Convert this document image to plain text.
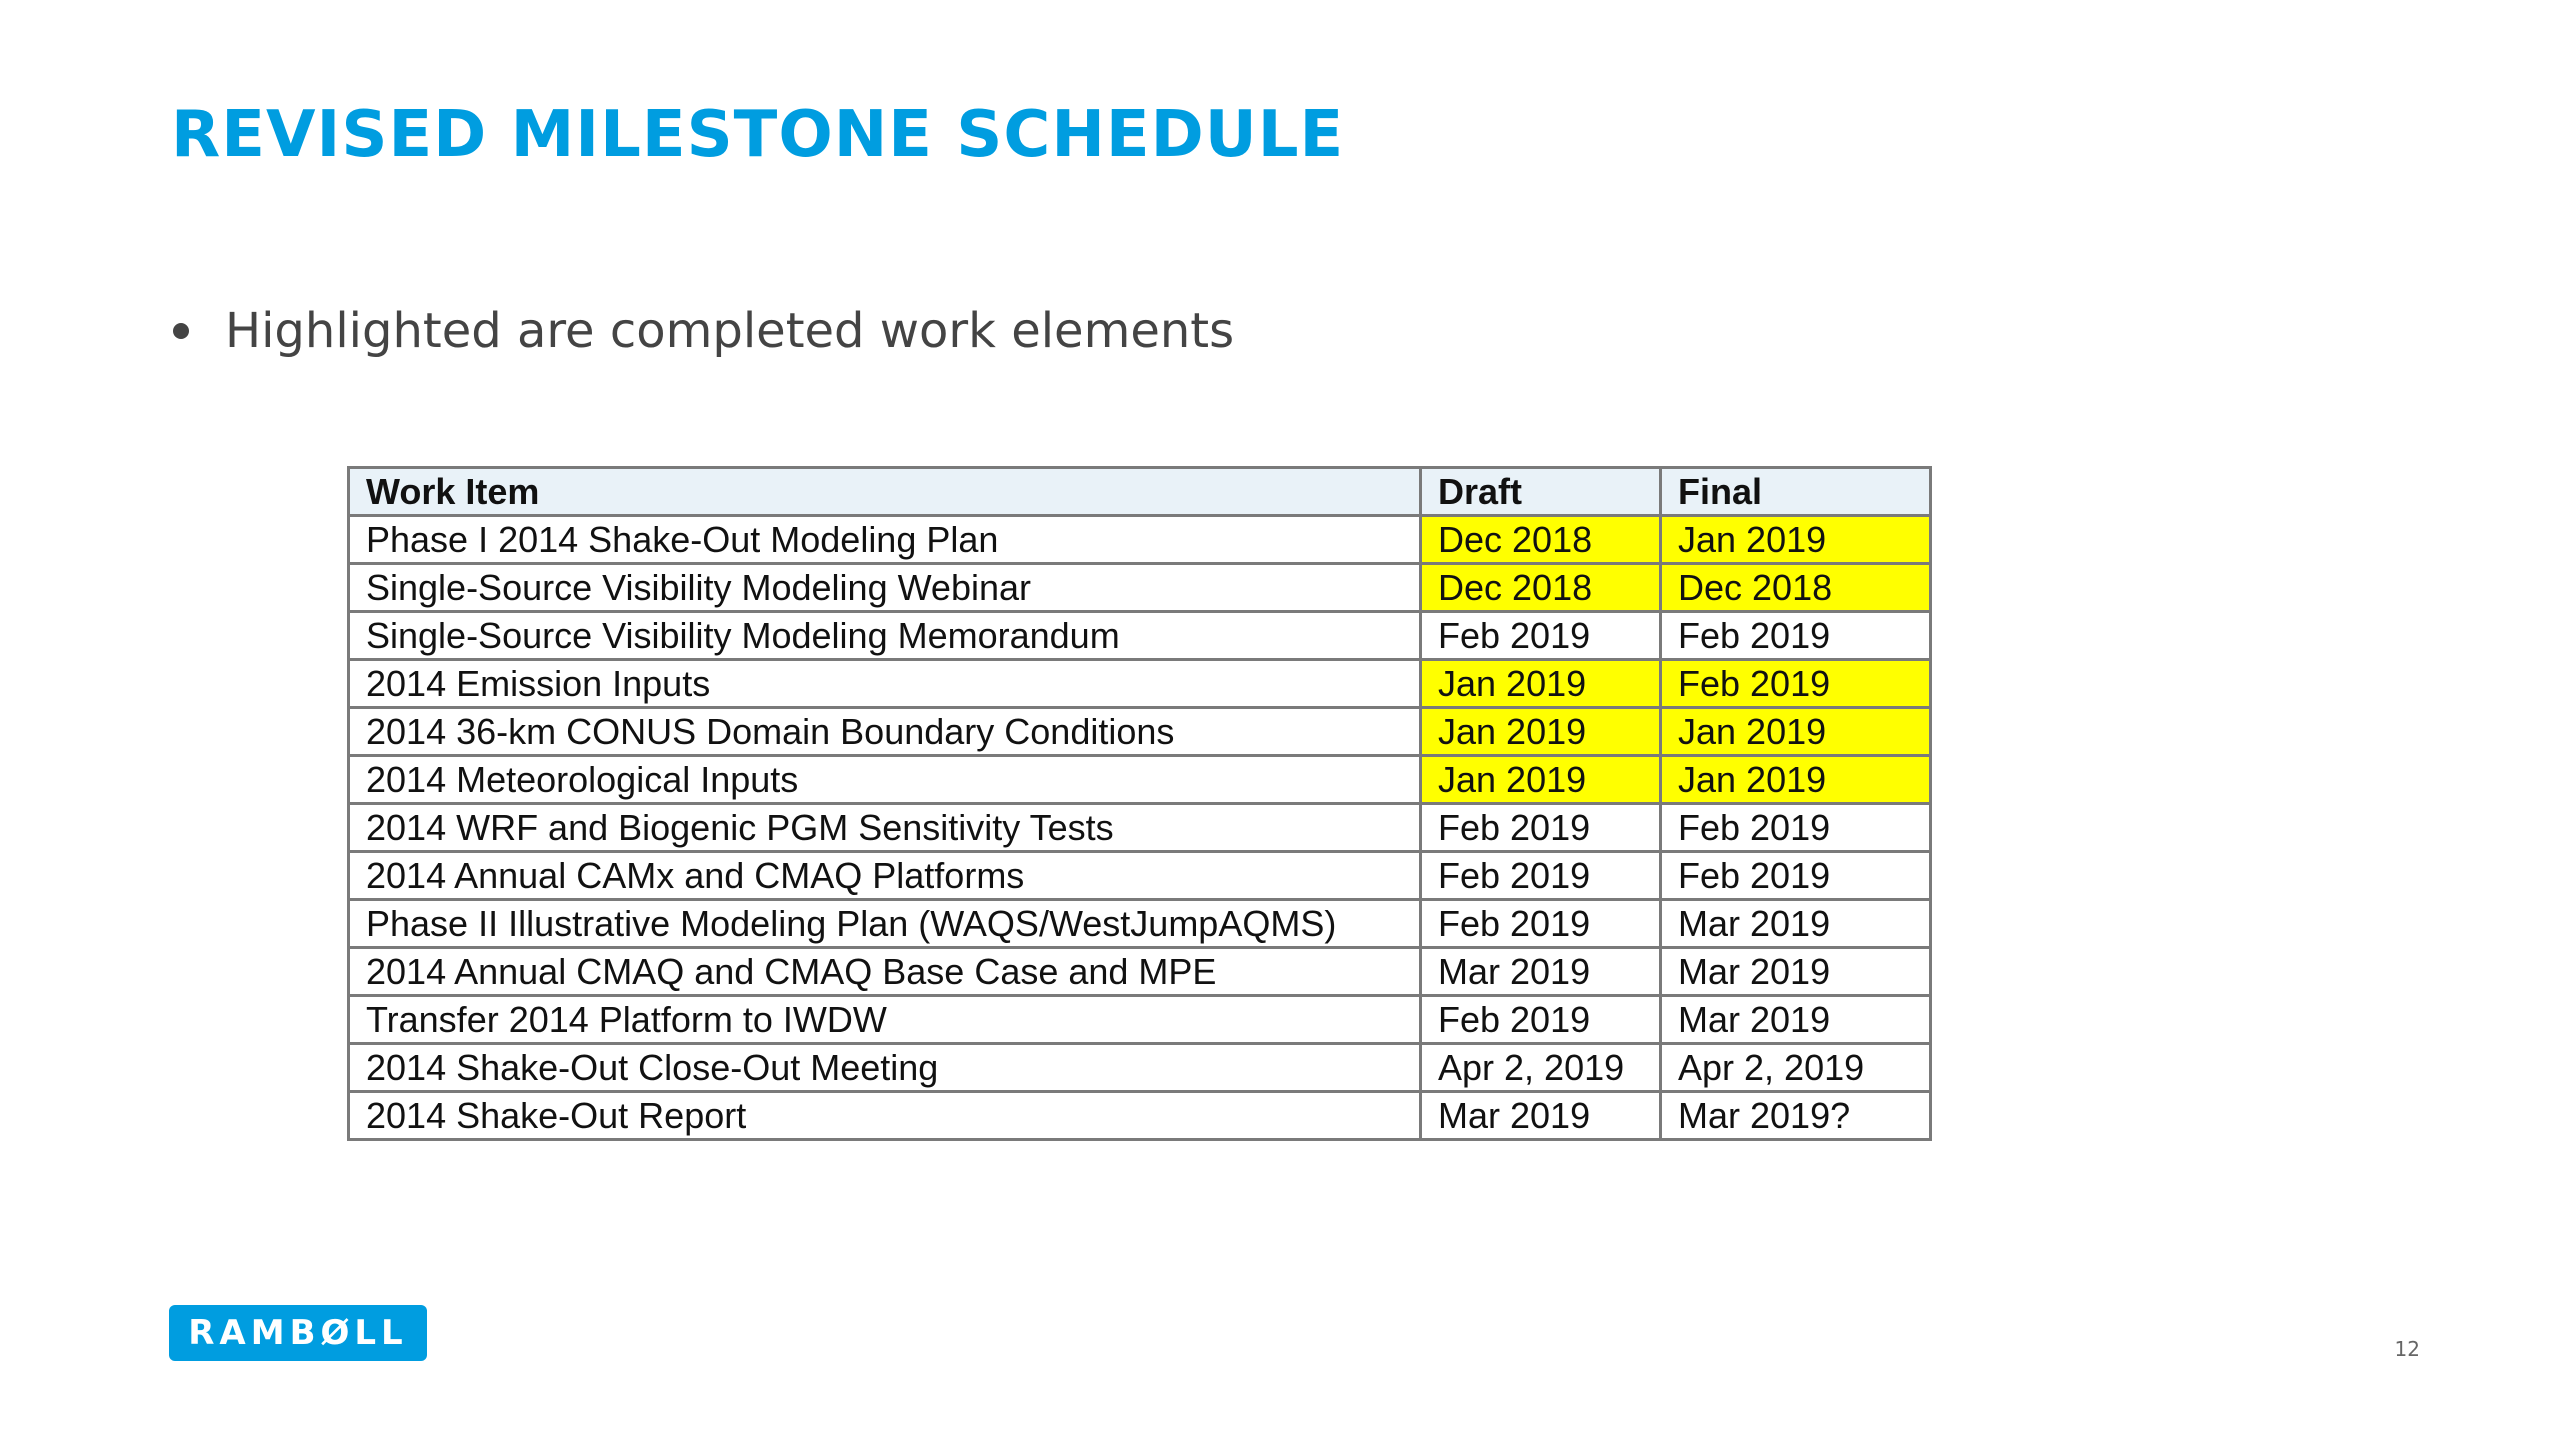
REVISED MILESTONE SCHEDULE
Highlighted are completed work elements
Work Item	Draft	Final
Phase I 2014 Shake-Out Modeling Plan	Dec 2018	Jan 2019
Single-Source Visibility Modeling Webinar	Dec 2018	Dec 2018
Single-Source Visibility Modeling Memorandum	Feb 2019	Feb 2019
2014 Emission Inputs	Jan 2019	Feb 2019
2014 36-km CONUS Domain Boundary Conditions	Jan 2019	Jan 2019
2014 Meteorological Inputs	Jan 2019	Jan 2019
2014 WRF and Biogenic PGM Sensitivity Tests	Feb 2019	Feb 2019
2014 Annual CAMx and CMAQ Platforms	Feb 2019	Feb 2019
Phase II Illustrative Modeling Plan (WAQS/WestJumpAQMS)	Feb 2019	Mar 2019
2014 Annual CMAQ and CMAQ Base Case and MPE	Mar 2019	Mar 2019
Transfer 2014 Platform to IWDW	Feb 2019	Mar 2019
2014 Shake-Out Close-Out Meeting	Apr 2, 2019	Apr 2, 2019
2014 Shake-Out Report	Mar 2019	Mar 2019?
RAMBØLL	12
